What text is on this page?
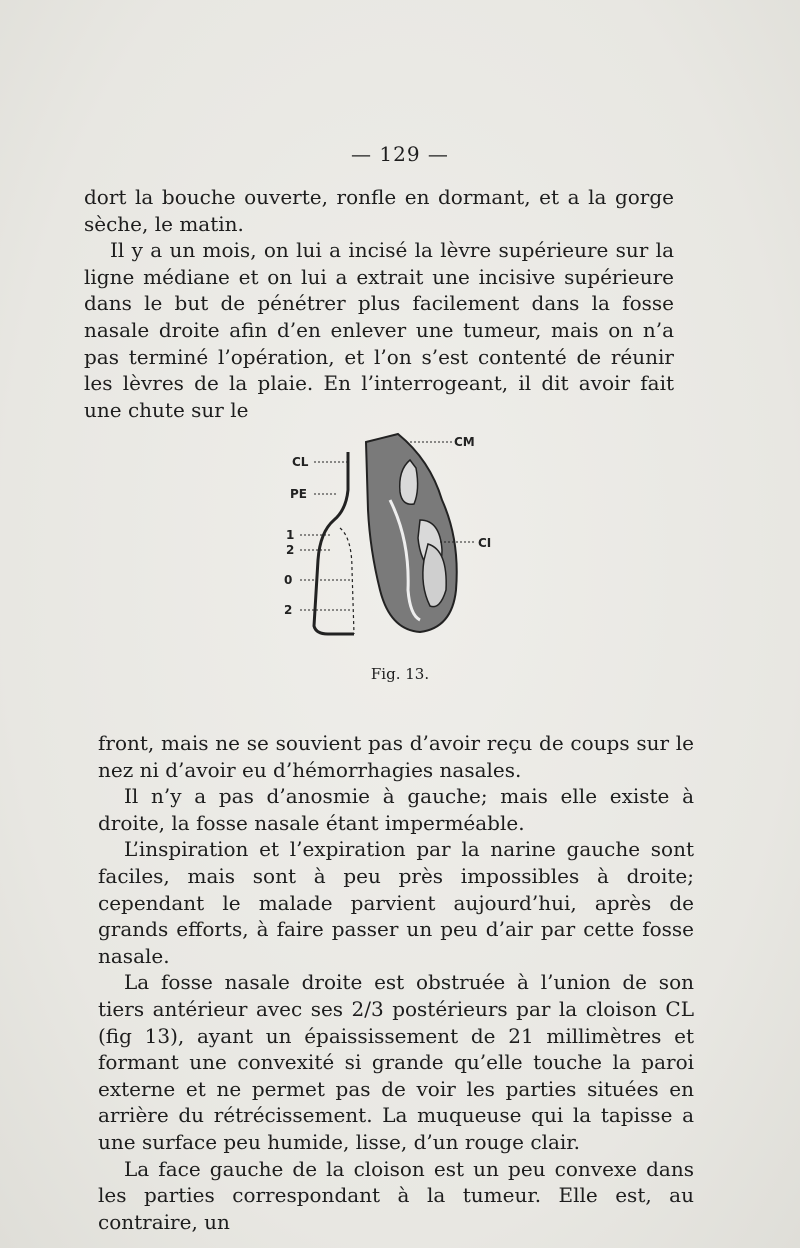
— 129 —

dort la bouche ouverte, ronfle en dormant, et a la gorge sèche, le matin.

Il y a un mois, on lui a incisé la lèvre supérieure sur la ligne médiane et on lui a extrait une incisive supérieure dans le but de pénétrer plus facilement dans la fosse nasale droite afin d’en enlever une tumeur, mais on n’a pas terminé l’opération, et l’on s’est contenté de réunir les lèvres de la plaie. En l’interrogeant, il dit avoir fait une chute sur le

CL
PE
CM
CI
1
2
0
2
Fig. 13.

front, mais ne se souvient pas d’avoir reçu de coups sur le nez ni d’avoir eu d’hémorrhagies nasales.

Il n’y a pas d’anosmie à gauche; mais elle existe à droite, la fosse nasale étant imperméable.

L’inspiration et l’expiration par la narine gauche sont faciles, mais sont à peu près impossibles à droite; cependant le malade parvient aujourd’hui, après de grands efforts, à faire passer un peu d’air par cette fosse nasale.

La fosse nasale droite est obstruée à l’union de son tiers antérieur avec ses 2/3 postérieurs par la cloison CL (fig 13), ayant un épaississement de 21 millimètres et formant une convexité si grande qu’elle touche la paroi externe et ne permet pas de voir les parties situées en arrière du rétrécissement. La muqueuse qui la tapisse a une surface peu humide, lisse, d’un rouge clair.

La face gauche de la cloison est un peu convexe dans les parties correspondant à la tumeur. Elle est, au contraire, un
